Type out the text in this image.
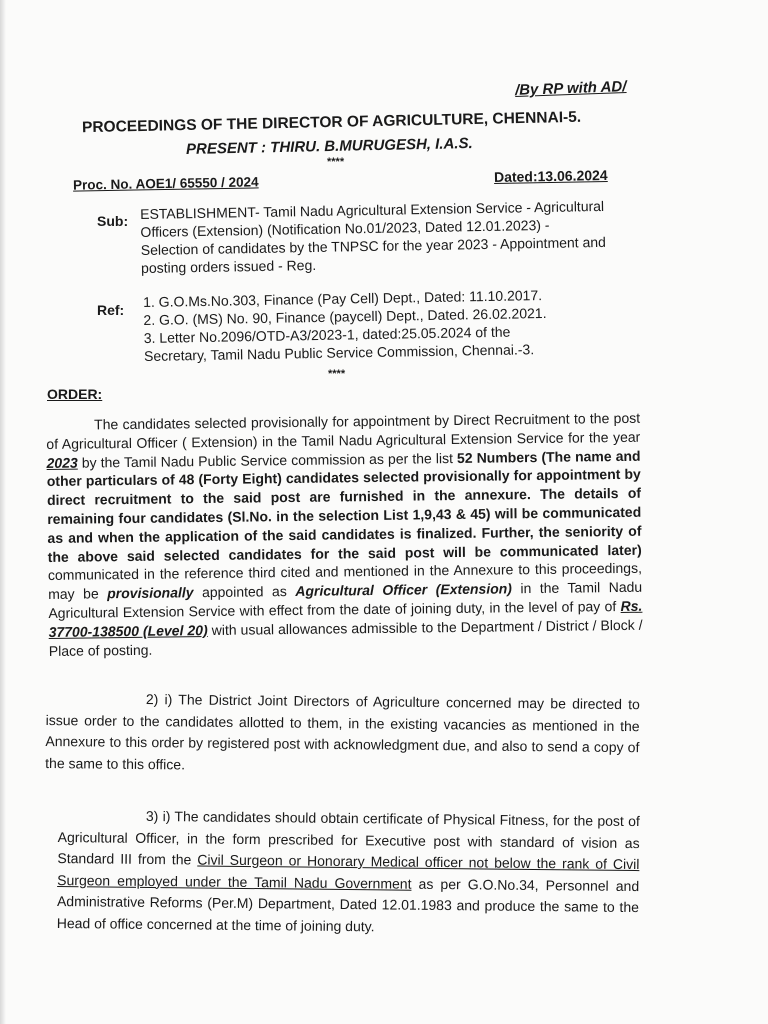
/By RP with AD/
PROCEEDINGS OF THE DIRECTOR OF AGRICULTURE, CHENNAI-5.
PRESENT : THIRU. B.MURUGESH, I.A.S.
****
Proc. No. AOE1/ 65550 / 2024	Dated:13.06.2024
Sub: ESTABLISHMENT- Tamil Nadu Agricultural Extension Service - Agricultural Officers (Extension) (Notification No.01/2023, Dated 12.01.2023) - Selection of candidates by the TNPSC for the year 2023 - Appointment and posting orders issued - Reg.
Ref:
1. G.O.Ms.No.303, Finance (Pay Cell) Dept., Dated: 11.10.2017.
2. G.O. (MS) No. 90, Finance (paycell) Dept., Dated. 26.02.2021.
3. Letter No.2096/OTD-A3/2023-1, dated:25.05.2024 of the
Secretary, Tamil Nadu Public Service Commission, Chennai.-3.
****
ORDER:
The candidates selected provisionally for appointment by Direct Recruitment to the post of Agricultural Officer ( Extension) in the Tamil Nadu Agricultural Extension Service for the year 2023 by the Tamil Nadu Public Service commission as per the list 52 Numbers (The name and other particulars of 48 (Forty Eight) candidates selected provisionally for appointment by direct recruitment to the said post are furnished in the annexure. The details of remaining four candidates (Sl.No. in the selection List 1,9,43 & 45) will be communicated as and when the application of the said candidates is finalized. Further, the seniority of the above said selected candidates for the said post will be communicated later) communicated in the reference third cited and mentioned in the Annexure to this proceedings, may be provisionally appointed as Agricultural Officer (Extension) in the Tamil Nadu Agricultural Extension Service with effect from the date of joining duty, in the level of pay of Rs. 37700-138500 (Level 20) with usual allowances admissible to the Department / District / Block / Place of posting.
2) i) The District Joint Directors of Agriculture concerned may be directed to issue order to the candidates allotted to them, in the existing vacancies as mentioned in the Annexure to this order by registered post with acknowledgment due, and also to send a copy of the same to this office.
3) i) The candidates should obtain certificate of Physical Fitness, for the post of Agricultural Officer, in the form prescribed for Executive post with standard of vision as Standard III from the Civil Surgeon or Honorary Medical officer not below the rank of Civil Surgeon employed under the Tamil Nadu Government as per G.O.No.34, Personnel and Administrative Reforms (Per.M) Department, Dated 12.01.1983 and produce the same to the Head of office concerned at the time of joining duty.
